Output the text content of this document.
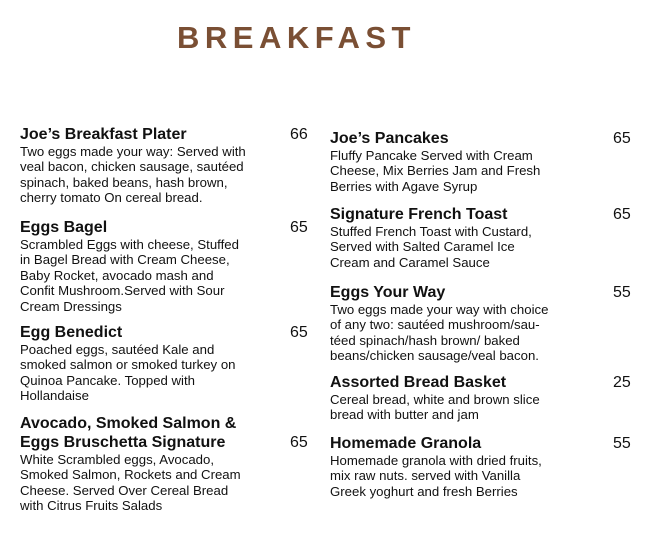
BREAKFAST
Joe’s Breakfast Plater	66
Two eggs made your way: Served with
veal bacon, chicken sausage, sautéed
spinach, baked beans, hash brown,
cherry tomato On cereal bread.
Eggs Bagel	65
Scrambled Eggs with cheese, Stuffed
in Bagel Bread with Cream Cheese,
Baby Rocket, avocado mash and
Confit Mushroom.Served with Sour
Cream Dressings
Egg Benedict	65
Poached eggs, sautéed Kale and
smoked salmon or smoked turkey on
Quinoa Pancake. Topped with
Hollandaise
Avocado, Smoked Salmon &
Eggs Bruschetta Signature	65
White Scrambled eggs, Avocado,
Smoked Salmon, Rockets and Cream
Cheese. Served Over Cereal Bread
with Citrus Fruits Salads
Joe’s Pancakes	65
Fluffy Pancake Served with Cream
Cheese, Mix Berries Jam and Fresh
Berries with Agave Syrup
Signature French Toast	65
Stuffed French Toast with Custard,
Served with Salted Caramel Ice
Cream and Caramel Sauce
Eggs Your Way	55
Two eggs made your way with choice
of any two: sautéed mushroom/sau-
téed spinach/hash brown/ baked
beans/chicken sausage/veal bacon.
Assorted Bread Basket	25
Cereal bread, white and brown slice
bread with butter and jam
Homemade Granola	55
Homemade granola with dried fruits,
mix raw nuts. served with Vanilla
Greek yoghurt and fresh Berries
